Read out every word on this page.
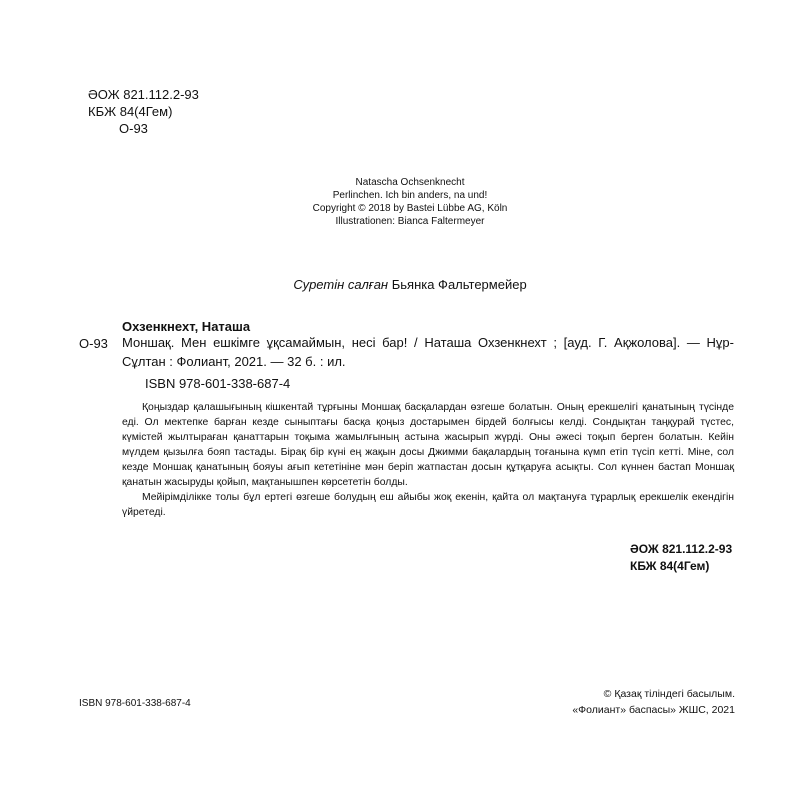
ӘОЖ 821.112.2-93
КБЖ 84(4Гем)
О-93
Natascha Ochsenknecht
Perlinchen. Ich bin anders, na und!
Copyright © 2018 by Bastei Lübbe AG, Köln
Illustrationen: Bianca Faltermeyer
Суретін салған Бьянка Фальтермейер
Охзенкнехт, Наташа
О-93 Моншақ. Мен ешкімге ұқсамаймын, несі бар! / Наташа Охзенкнехт ; [ауд. Г. Ақжолова]. — Нұр-Сұлтан : Фолиант, 2021. — 32 б. : ил.
ISBN 978-601-338-687-4

Қоңыздар қалашығының кішкентай тұрғыны Моншақ басқалардан өзгеше болатын. Оның ерекшелігі қанатының түсінде еді. Ол мектепке барған кезде сыныптағы басқа қоңыз достарымен бірдей болғысы келді. Сондықтан таңқурай түстес, күмістей жылтыраған қанаттарын тоқыма жамылғының астына жасырып жүрді. Оны әжесі тоқып берген болатын. Кейін мүлдем қызылға бояп тастады. Бірақ бір күні ең жақын досы Джимми бақалардың тоғанына күмп етіп түсіп кетті. Міне, сол кезде Моншақ қанатының бояуы ағып кететініне мән беріп жатпастан досын құтқаруға асықты. Сол күннен бастап Моншақ қанатын жасыруды қойып, мақтанышпен көрсететін болды.

Мейірімділікке толы бұл ертегі өзгеше болудың еш айыбы жоқ екенін, қайта ол мақтануға тұрарлық ерекшелік екендігін үйретеді.

ӘОЖ 821.112.2-93
КБЖ 84(4Гем)
ISBN 978-601-338-687-4
© Қазақ тіліндегі басылым.
«Фолиант» баспасы» ЖШС, 2021
